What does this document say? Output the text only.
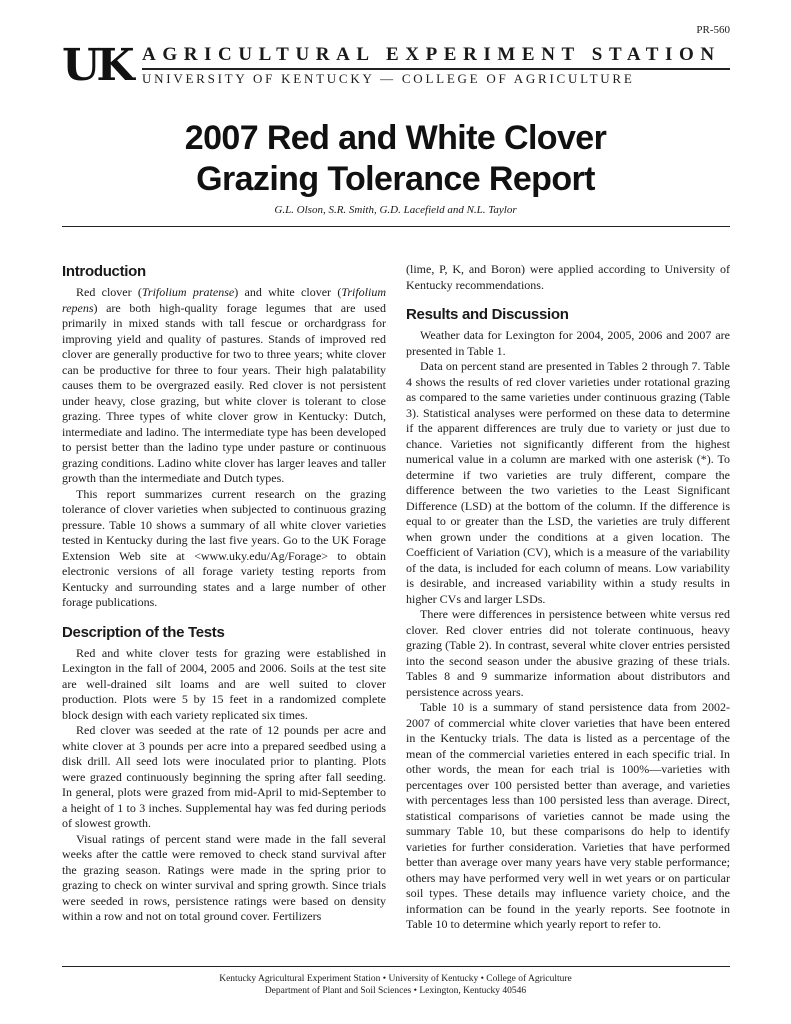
PR-560
UK AGRICULTURAL EXPERIMENT STATION
UNIVERSITY OF KENTUCKY — COLLEGE OF AGRICULTURE
2007 Red and White Clover
Grazing Tolerance Report
G.L. Olson, S.R. Smith, G.D. Lacefield and N.L. Taylor
Introduction

Red clover (Trifolium pratense) and white clover (Trifolium repens) are both high-quality forage legumes that are used primarily in mixed stands with tall fescue or orchardgrass for improving yield and quality of pastures. Stands of improved red clover are generally productive for two to three years; white clover can be productive for three to four years. Their high palatability causes them to be overgrazed easily. Red clover is not persistent under heavy, close grazing, but white clover is tolerant to close grazing. Three types of white clover grow in Kentucky: Dutch, intermediate and ladino. The intermediate type has been developed to persist better than the ladino type under pasture or continuous grazing conditions. Ladino white clover has larger leaves and taller growth than the intermediate and Dutch types.

This report summarizes current research on the grazing tolerance of clover varieties when subjected to continuous grazing pressure. Table 10 shows a summary of all white clover varieties tested in Kentucky during the last five years. Go to the UK Forage Extension Web site at <www.uky.edu/Ag/Forage> to obtain electronic versions of all forage variety testing reports from Kentucky and surrounding states and a large number of other forage publications.

Description of the Tests

Red and white clover tests for grazing were established in Lexington in the fall of 2004, 2005 and 2006. Soils at the test site are well-drained silt loams and are well suited to clover production. Plots were 5 by 15 feet in a randomized complete block design with each variety replicated six times.

Red clover was seeded at the rate of 12 pounds per acre and white clover at 3 pounds per acre into a prepared seedbed using a disk drill. All seed lots were inoculated prior to planting. Plots were grazed continuously beginning the spring after fall seeding. In general, plots were grazed from mid-April to mid-September to a height of 1 to 3 inches. Supplemental hay was fed during periods of slowest growth.

Visual ratings of percent stand were made in the fall several weeks after the cattle were removed to check stand survival after the grazing season. Ratings were made in the spring prior to grazing to check on winter survival and spring growth. Since trials were seeded in rows, persistence ratings were based on density within a row and not on total ground cover. Fertilizers

(lime, P, K, and Boron) were applied according to University of Kentucky recommendations.

Results and Discussion

Weather data for Lexington for 2004, 2005, 2006 and 2007 are presented in Table 1.

Data on percent stand are presented in Tables 2 through 7. Table 4 shows the results of red clover varieties under rotational grazing as compared to the same varieties under continuous grazing (Table 3). Statistical analyses were performed on these data to determine if the apparent differences are truly due to variety or just due to chance. Varieties not significantly different from the highest numerical value in a column are marked with one asterisk (*). To determine if two varieties are truly different, compare the difference between the two varieties to the Least Significant Difference (LSD) at the bottom of the column. If the difference is equal to or greater than the LSD, the varieties are truly different when grown under the conditions at a given location. The Coefficient of Variation (CV), which is a measure of the variability of the data, is included for each column of means. Low variability is desirable, and increased variability within a study results in higher CVs and larger LSDs.

There were differences in persistence between white versus red clover. Red clover entries did not tolerate continuous, heavy grazing (Table 2). In contrast, several white clover entries persisted into the second season under the abusive grazing of these trials. Tables 8 and 9 summarize information about distributors and persistence across years.

Table 10 is a summary of stand persistence data from 2002-2007 of commercial white clover varieties that have been entered in the Kentucky trials. The data is listed as a percentage of the mean of the commercial varieties entered in each specific trial. In other words, the mean for each trial is 100%—varieties with percentages over 100 persisted better than average, and varieties with percentages less than 100 persisted less than average. Direct, statistical comparisons of varieties cannot be made using the summary Table 10, but these comparisons do help to identify varieties for further consideration. Varieties that have performed better than average over many years have very stable performance; others may have performed very well in wet years or on particular soil types. These details may influence variety choice, and the information can be found in the yearly reports. See footnote in Table 10 to determine which yearly report to refer to.

Kentucky Agricultural Experiment Station • University of Kentucky • College of Agriculture
Department of Plant and Soil Sciences • Lexington, Kentucky 40546
